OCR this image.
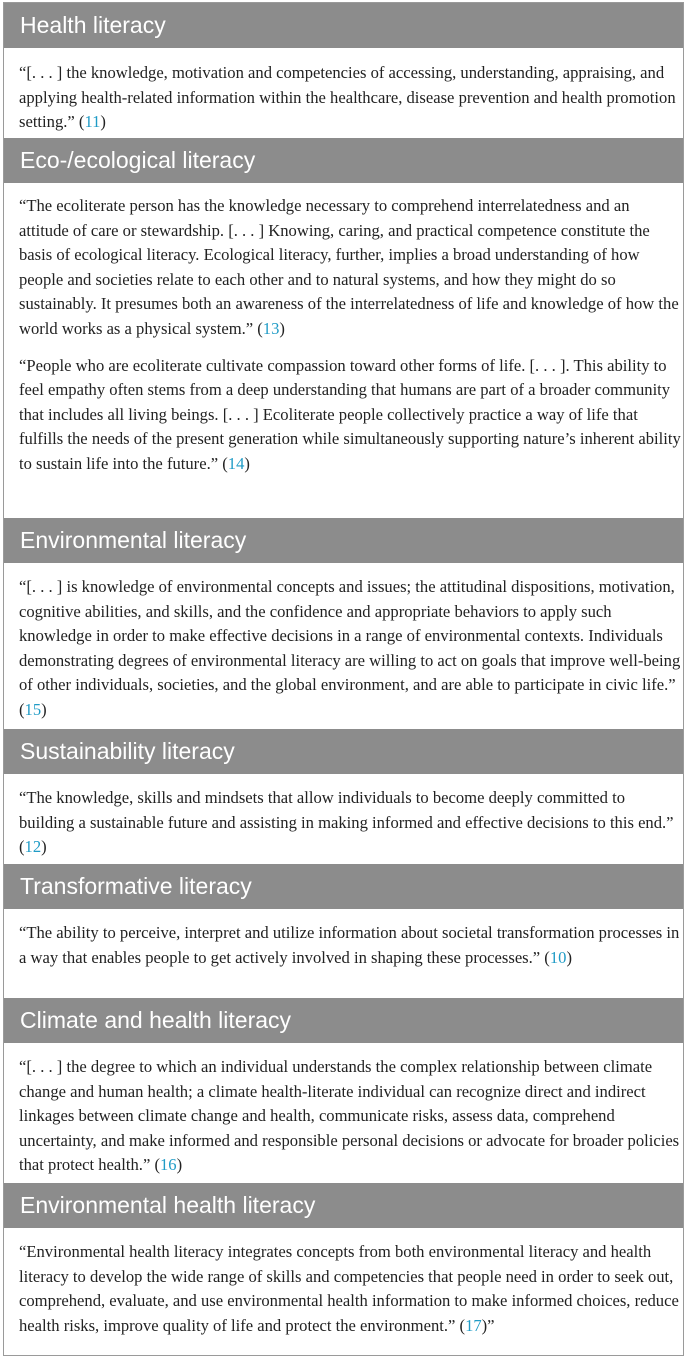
Health literacy

“[. . . ] the knowledge, motivation and competencies of accessing, understanding, appraising, and applying health-related information within the healthcare, disease prevention and health promotion setting.” (11)

Eco-/ecological literacy

“The ecoliterate person has the knowledge necessary to comprehend interrelatedness and an attitude of care or stewardship. [. . . ] Knowing, caring, and practical competence constitute the basis of ecological literacy. Ecological literacy, further, implies a broad understanding of how people and societies relate to each other and to natural systems, and how they might do so sustainably. It presumes both an awareness of the interrelatedness of life and knowledge of how the world works as a physical system.” (13)

“People who are ecoliterate cultivate compassion toward other forms of life. [. . . ]. This ability to feel empathy often stems from a deep understanding that humans are part of a broader community that includes all living beings. [. . . ] Ecoliterate people collectively practice a way of life that fulfills the needs of the present generation while simultaneously supporting nature’s inherent ability to sustain life into the future.” (14)

Environmental literacy

“[. . . ] is knowledge of environmental concepts and issues; the attitudinal dispositions, motivation, cognitive abilities, and skills, and the confidence and appropriate behaviors to apply such knowledge in order to make effective decisions in a range of environmental contexts. Individuals demonstrating degrees of environmental literacy are willing to act on goals that improve well-being of other individuals, societies, and the global environment, and are able to participate in civic life.” (15)

Sustainability literacy

“The knowledge, skills and mindsets that allow individuals to become deeply committed to building a sustainable future and assisting in making informed and effective decisions to this end.” (12)

Transformative literacy

“The ability to perceive, interpret and utilize information about societal transformation processes in a way that enables people to get actively involved in shaping these processes.” (10)

Climate and health literacy

“[. . . ] the degree to which an individual understands the complex relationship between climate change and human health; a climate health-literate individual can recognize direct and indirect linkages between climate change and health, communicate risks, assess data, comprehend uncertainty, and make informed and responsible personal decisions or advocate for broader policies that protect health.” (16)

Environmental health literacy

“Environmental health literacy integrates concepts from both environmental literacy and health literacy to develop the wide range of skills and competencies that people need in order to seek out, comprehend, evaluate, and use environmental health information to make informed choices, reduce health risks, improve quality of life and protect the environment.” (17)”
